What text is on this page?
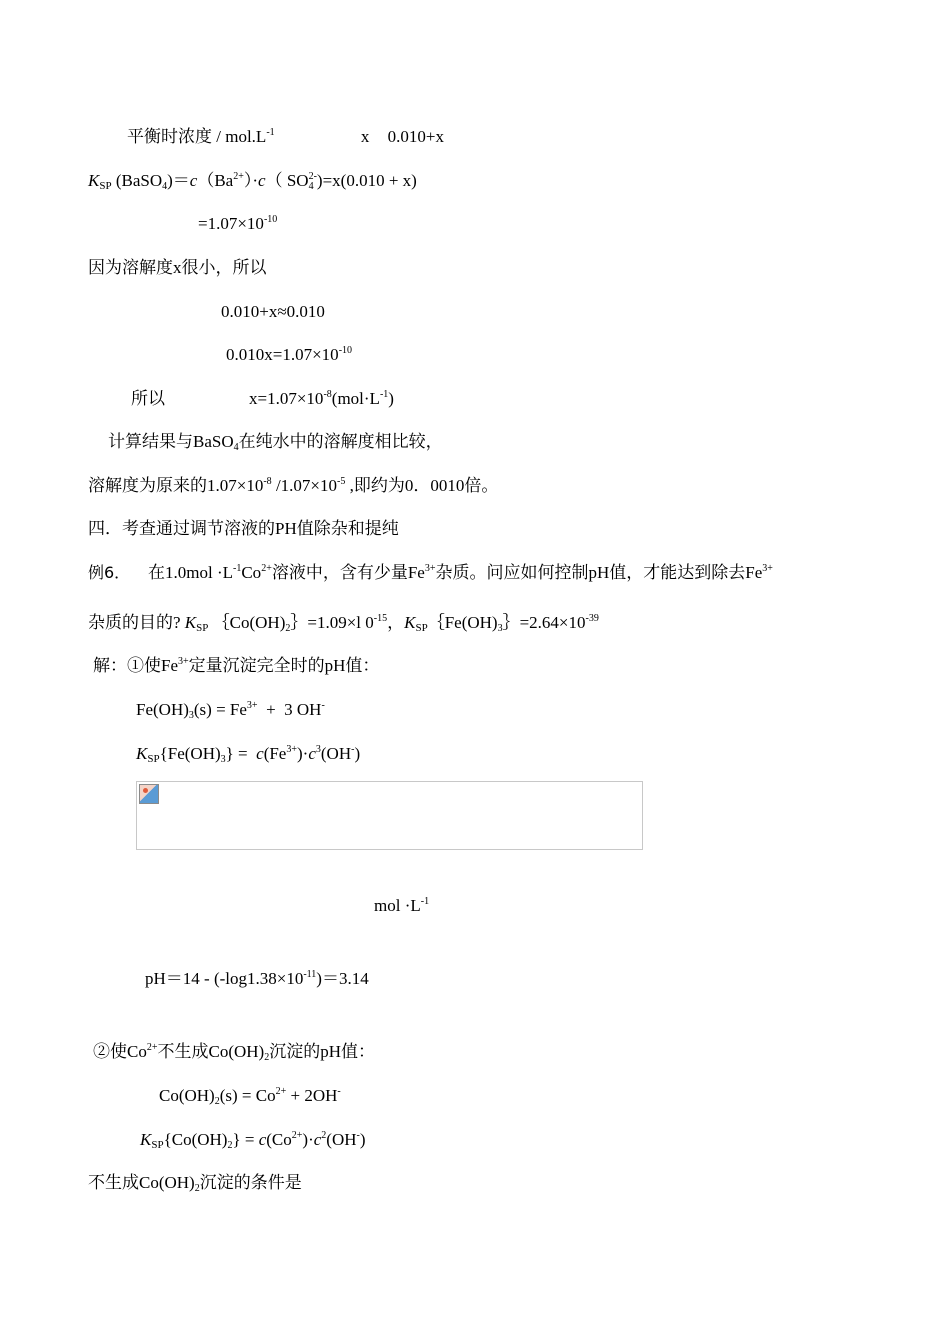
平衡时浓度 / $mol.L^{-1}$	x 0.010+x
KSP $(BaSO_4)=c(Ba^{2+})\cdot c$（ $SO_4^{2-})=x(0.010 + x)$
$=1.07\times 10^{-10}$
因为溶解度x很小，所以
0.010+x≈0.010
$0.010x=1.07\times 10^{-10}$
所以	$x=1.07\times 10^{-8}(mol\cdot L^{-1})$
计算结果与BaSO$_4$在纯水中的溶解度相比较，
溶解度为原来的$1.07\times 10^{-8}$ $/1.07\times 10^{-5}$ ,即约为0．0010倍。
四．考查通过调节溶液的PH值除杂和提纯
例6． 在$1.0mol \cdot L^{-1}Co^{2+}$溶液中，含有少量$Fe^{3+}$杂质。问应如何控制pH值，才能达到除去$Fe^{3+}$
杂质的目的? KSP $\{Co(OH)_2\}=1.09\times l$ $0^{-15}$，$KSP\{Fe(OH)_3\}=2.64\times 10^{-39}$
解：①使$Fe^{3+}$定量沉淀完全时的pH值：
$Fe(OH)_3(s) = Fe^{3+} + 3$ OH-
$KSP\{Fe(OH)_3\} = c(Fe^{3+})\cdot c^3(OH^-)$
mol $\cdot L^{-1}$
$pH=14 - (-\log 1.38\times 10^{-11})=3.14$
②使$Co^{2+}$不生成$Co(OH)_2$沉淀的pH值：
$Co(OH)_2(s) = Co^{2+} + 2OH^-$
$KSP\{Co(OH)_2\} = c(Co^{2+})\cdot c^2(OH^-)$
不生成$Co(OH)_2$沉淀的条件是
